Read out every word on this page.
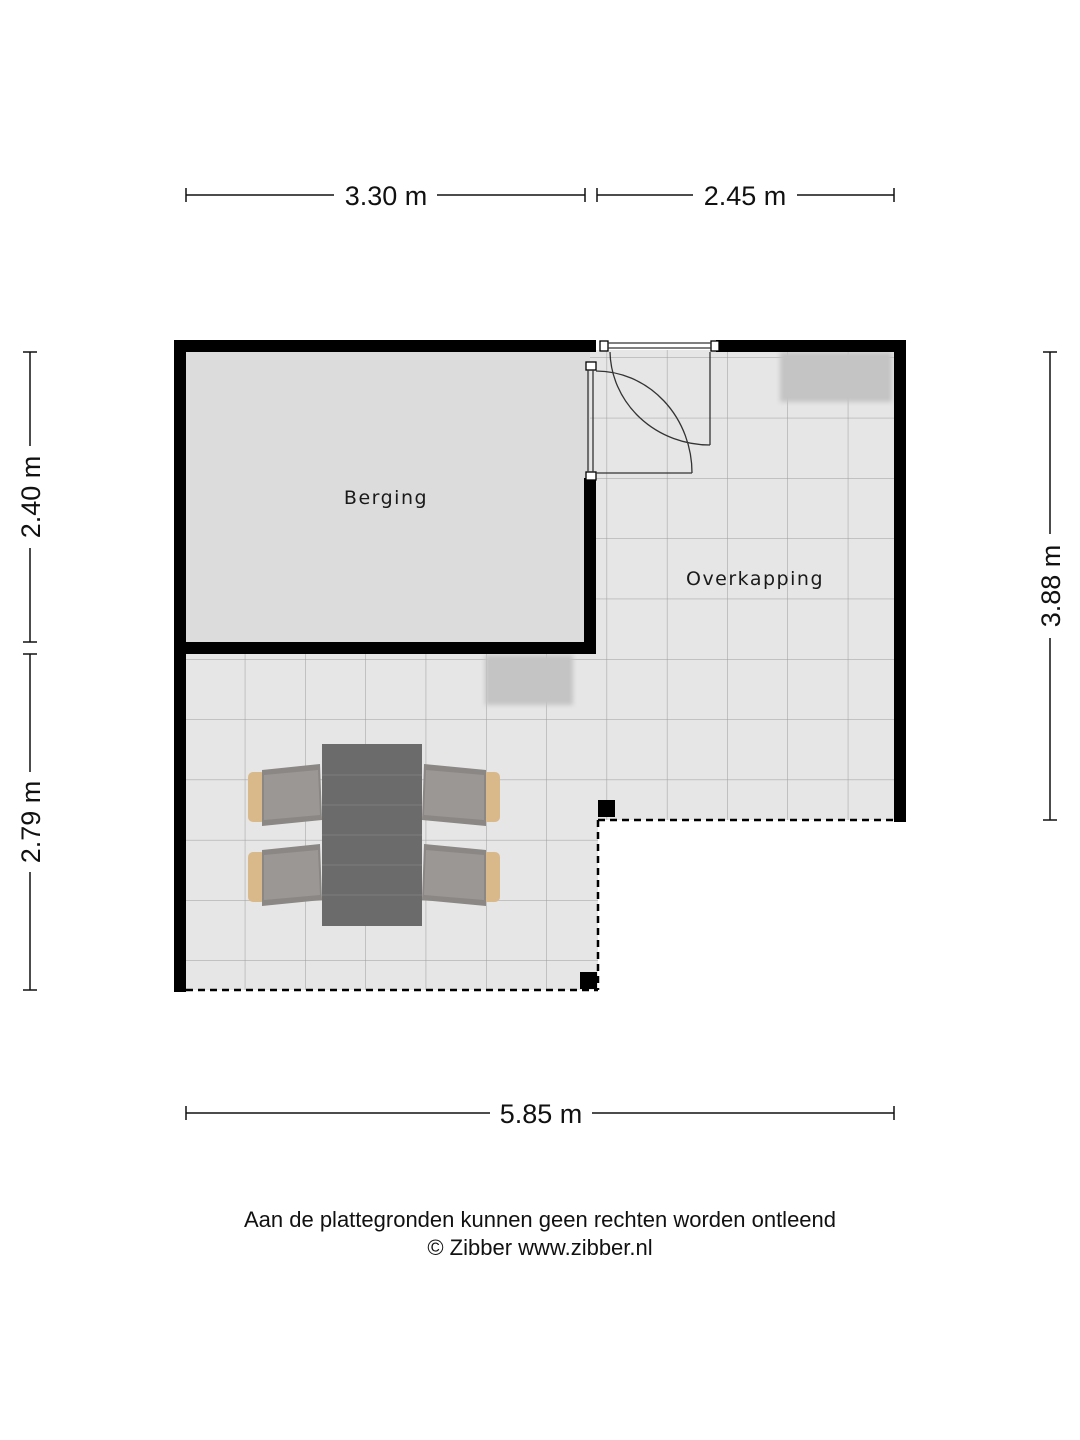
Berging
Overkapping
3.30 m	2.45 m
5.85 m
2.40 m
2.79 m
3.88 m
Aan de plattegronden kunnen geen rechten worden ontleend
© Zibber www.zibber.nl
